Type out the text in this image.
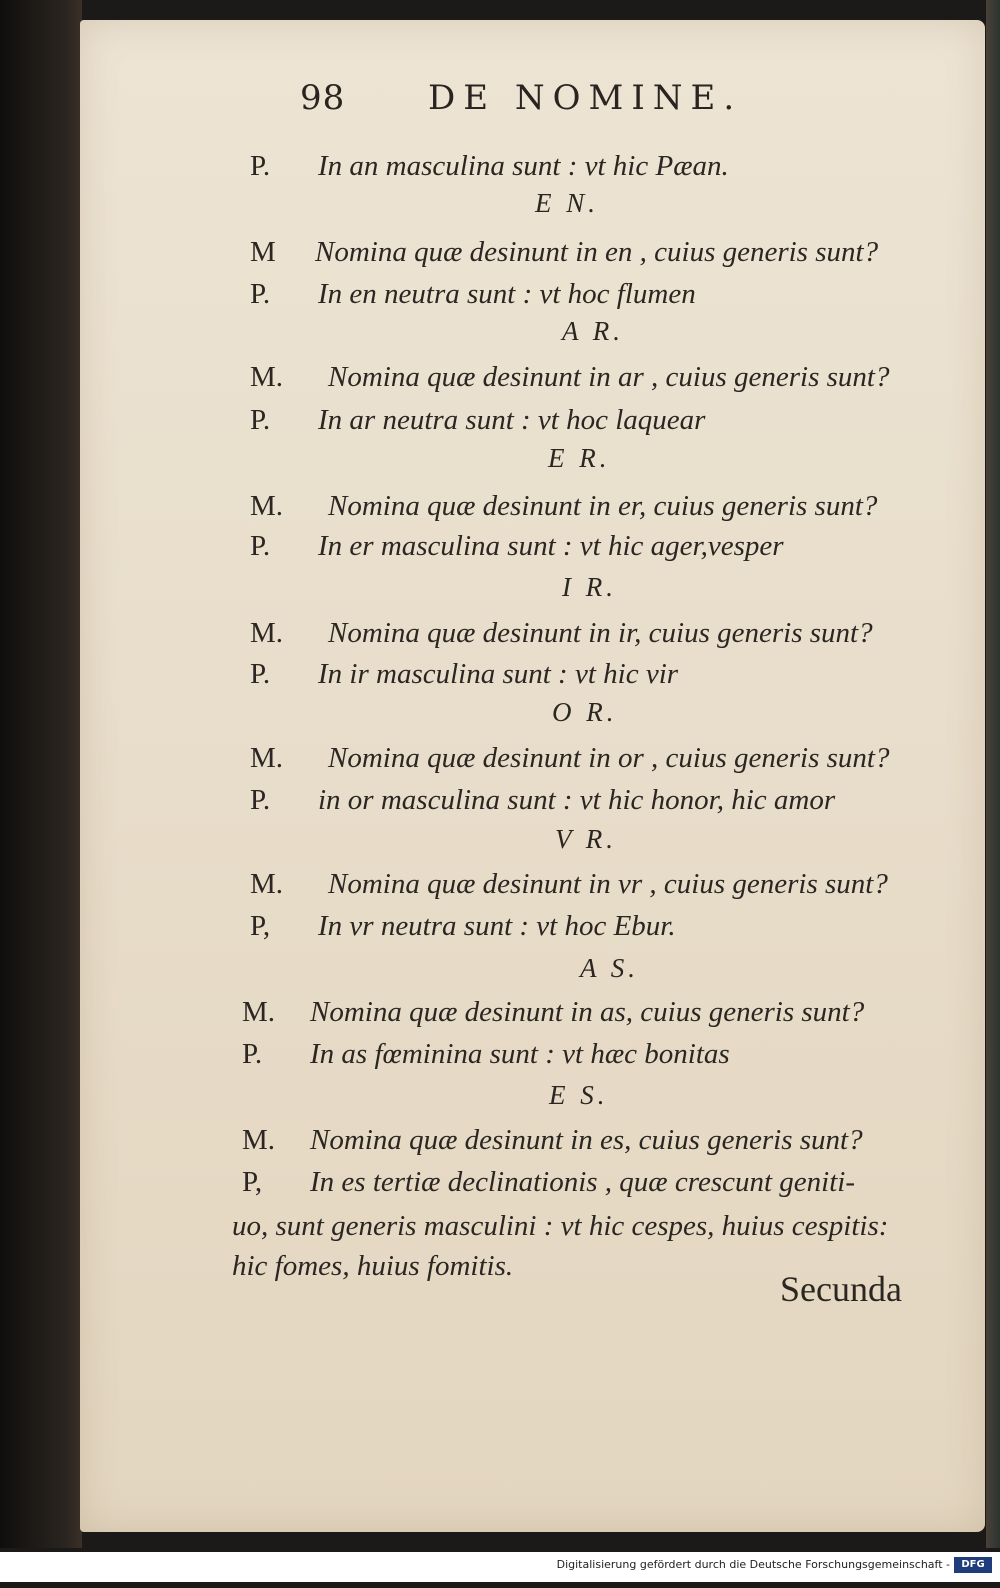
98 DE NOMINE.
P. In an masculina sunt : vt hic Pæan.
E N.
M Nomina quæ desinunt in en , cuius generis sunt?
P. In en neutra sunt : vt hoc flumen
A R.
M. Nomina quæ desinunt in ar , cuius generis sunt?
P. In ar neutra sunt : vt hoc laquear
E R.
M. Nomina quæ desinunt in er, cuius generis sunt?
P. In er masculina sunt : vt hic ager,vesper
I R.
M. Nomina quæ desinunt in ir, cuius generis sunt?
P. In ir masculina sunt : vt hic vir
O R.
M. Nomina quæ desinunt in or , cuius generis sunt?
P. in or masculina sunt : vt hic honor, hic amor
V R.
M. Nomina quæ desinunt in vr , cuius generis sunt?
P, In vr neutra sunt : vt hoc Ebur.
A S.
M. Nomina quæ desinunt in as, cuius generis sunt?
P. In as fœminina sunt : vt hæc bonitas
E S.
M. Nomina quæ desinunt in es, cuius generis sunt?
P, In es tertiæ declinationis , quæ crescunt geniti-
uo, sunt generis masculini : vt hic cespes, huius cespitis:
hic fomes, huius fomitis.
Secunda
Digitalisierung gefördert durch die Deutsche Forschungsgemeinschaft -	DFG
